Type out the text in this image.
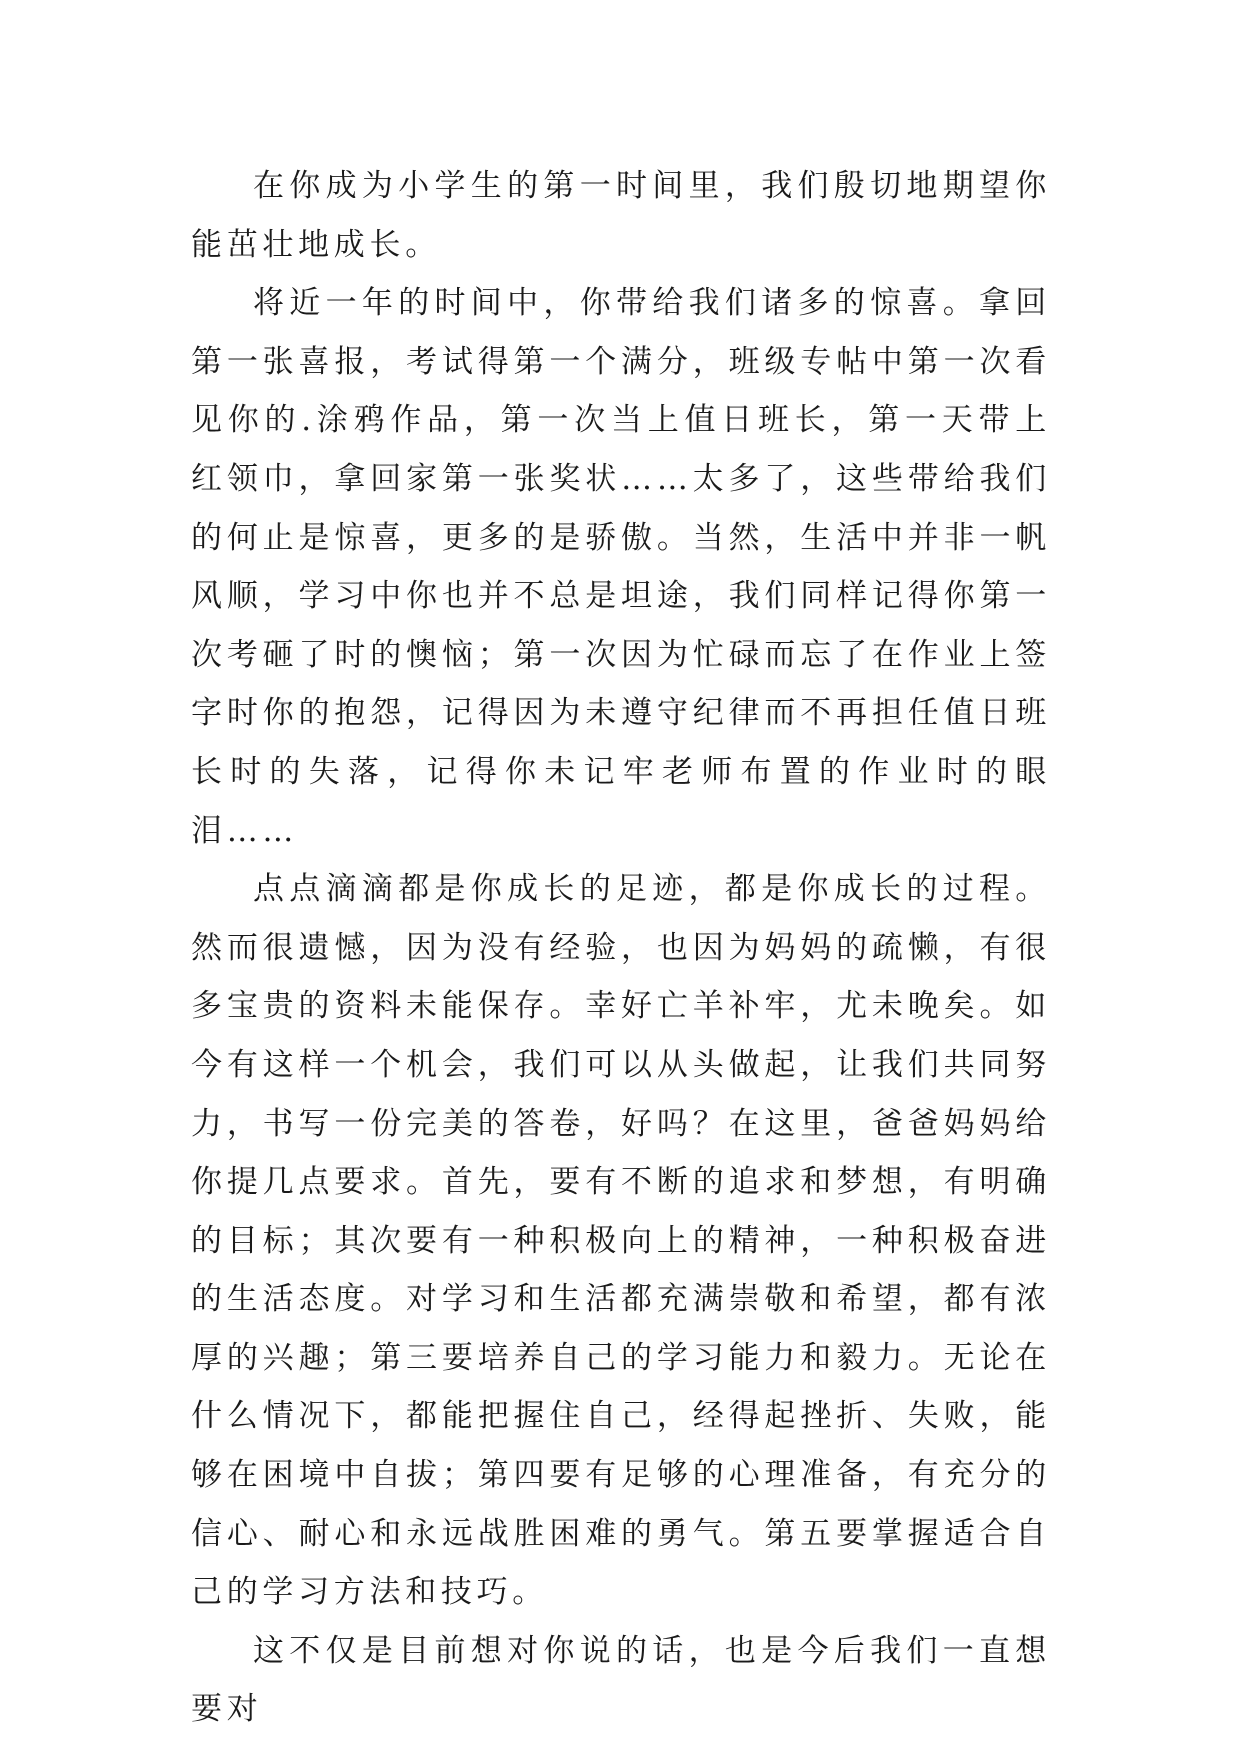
在你成为小学生的第一时间里，我们殷切地期望你能茁壮地成长。

将近一年的时间中，你带给我们诸多的惊喜。拿回第一张喜报，考试得第一个满分，班级专帖中第一次看见你的.涂鸦作品，第一次当上值日班长，第一天带上红领巾，拿回家第一张奖状……太多了，这些带给我们的何止是惊喜，更多的是骄傲。当然，生活中并非一帆风顺，学习中你也并不总是坦途，我们同样记得你第一次考砸了时的懊恼；第一次因为忙碌而忘了在作业上签字时你的抱怨，记得因为未遵守纪律而不再担任值日班长时的失落，记得你未记牢老师布置的作业时的眼泪……

点点滴滴都是你成长的足迹，都是你成长的过程。然而很遗憾，因为没有经验，也因为妈妈的疏懒，有很多宝贵的资料未能保存。幸好亡羊补牢，尤未晚矣。如今有这样一个机会，我们可以从头做起，让我们共同努力，书写一份完美的答卷，好吗？在这里，爸爸妈妈给你提几点要求。首先，要有不断的追求和梦想，有明确的目标；其次要有一种积极向上的精神，一种积极奋进的生活态度。对学习和生活都充满崇敬和希望，都有浓厚的兴趣；第三要培养自己的学习能力和毅力。无论在什么情况下，都能把握住自己，经得起挫折、失败，能够在困境中自拔；第四要有足够的心理准备，有充分的信心、耐心和永远战胜困难的勇气。第五要掌握适合自己的学习方法和技巧。

这不仅是目前想对你说的话，也是今后我们一直想要对
